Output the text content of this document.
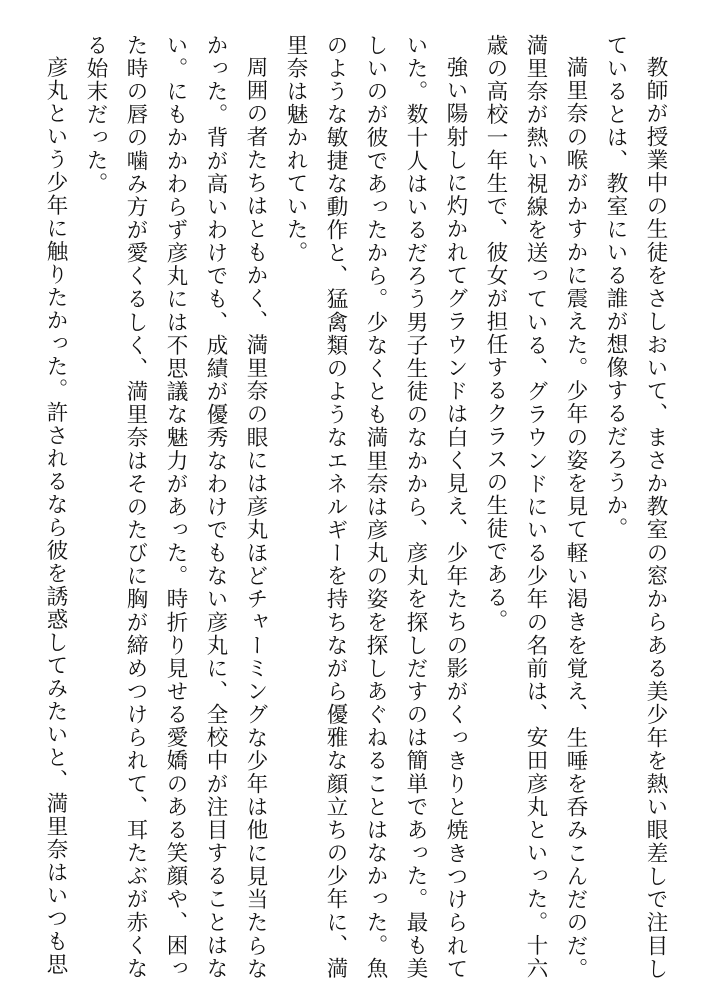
教師が授業中の生徒をさしおいて、まさか教室の窓からある美少年を熱い眼差しで注目しているとは、教室にいる誰が想像するだろうか。

満里奈の喉がかすかに震えた。少年の姿を見て軽い渇きを覚え、生唾を呑みこんだのだ。満里奈が熱い視線を送っている、グラウンドにいる少年の名前は、安田彦丸といった。十六歳の高校一年生で、彼女が担任するクラスの生徒である。

強い陽射しに灼かれてグラウンドは白く見え、少年たちの影がくっきりと焼きつけられていた。数十人はいるだろう男子生徒のなかから、彦丸を探しだすのは簡単であった。最も美しいのが彼であったから。少なくとも満里奈は彦丸の姿を探しあぐねることはなかった。魚のような敏捷な動作と、猛禽類のようなエネルギーを持ちながら優雅な顔立ちの少年に、満里奈は魅かれていた。

周囲の者たちはともかく、満里奈の眼には彦丸ほどチャーミングな少年は他に見当たらなかった。背が高いわけでも、成績が優秀なわけでもない彦丸に、全校中が注目することはない。にもかかわらず彦丸には不思議な魅力があった。時折り見せる愛嬌のある笑顔や、困った時の唇の噛み方が愛くるしく、満里奈はそのたびに胸が締めつけられて、耳たぶが赤くなる始末だった。

彦丸という少年に触りたかった。許されるなら彼を誘惑してみたいと、満里奈はいつも思
